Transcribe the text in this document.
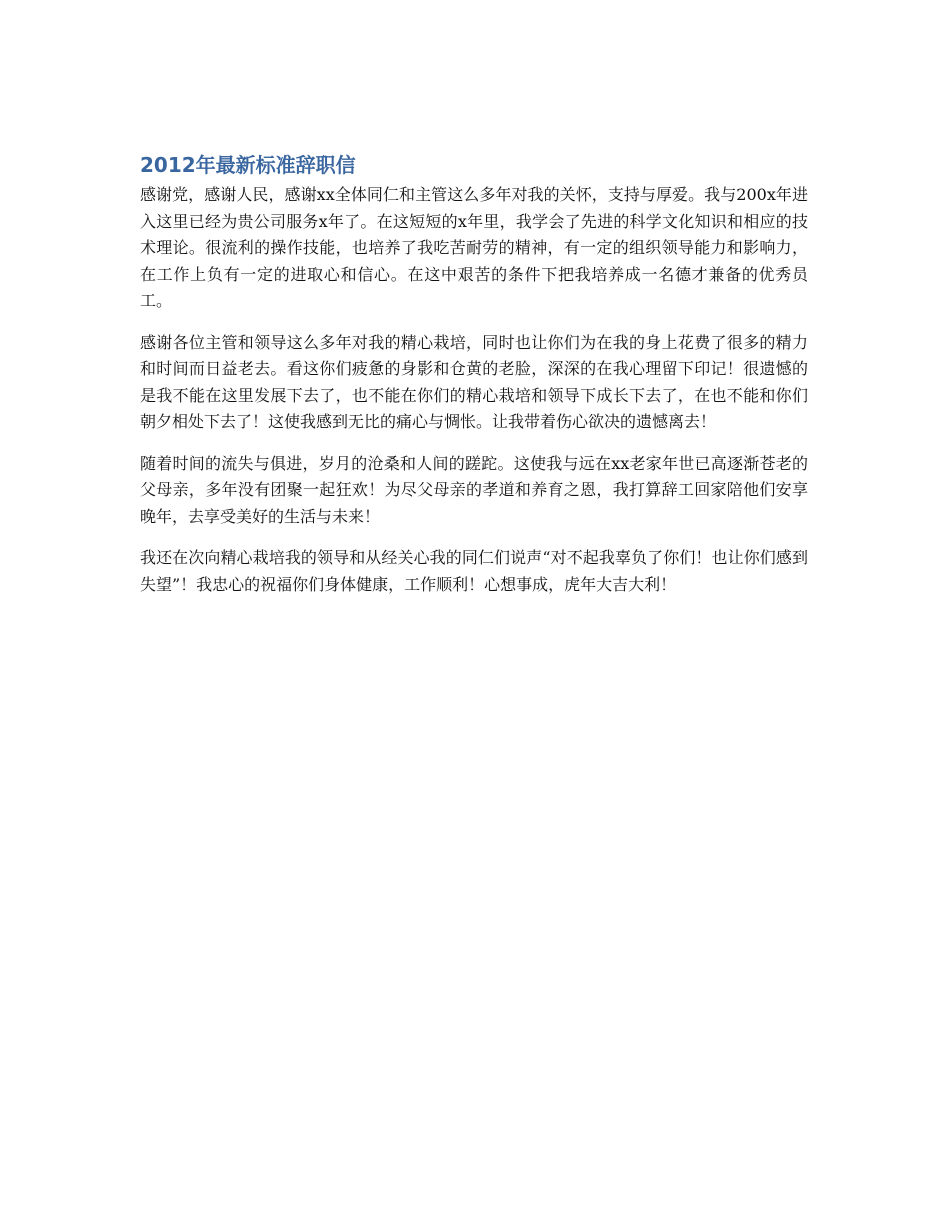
2012年最新标准辞职信

感谢党，感谢人民，感谢xx全体同仁和主管这么多年对我的关怀，支持与厚爱。我与200x年进入这里已经为贵公司服务x年了。在这短短的x年里，我学会了先进的科学文化知识和相应的技术理论。很流利的操作技能，也培养了我吃苦耐劳的精神，有一定的组织领导能力和影响力，在工作上负有一定的进取心和信心。在这中艰苦的条件下把我培养成一名德才兼备的优秀员工。

感谢各位主管和领导这么多年对我的精心栽培，同时也让你们为在我的身上花费了很多的精力和时间而日益老去。看这你们疲惫的身影和仓黄的老脸，深深的在我心理留下印记！很遗憾的是我不能在这里发展下去了，也不能在你们的精心栽培和领导下成长下去了，在也不能和你们朝夕相处下去了！这使我感到无比的痛心与惆怅。让我带着伤心欲决的遗憾离去！

随着时间的流失与俱进，岁月的沧桑和人间的蹉跎。这使我与远在xx老家年世已高逐渐苍老的父母亲，多年没有团聚一起狂欢！为尽父母亲的孝道和养育之恩，我打算辞工回家陪他们安享晚年，去享受美好的生活与未来！

我还在次向精心栽培我的领导和从经关心我的同仁们说声“对不起我辜负了你们！也让你们感到失望”！我忠心的祝福你们身体健康，工作顺利！心想事成，虎年大吉大利！
